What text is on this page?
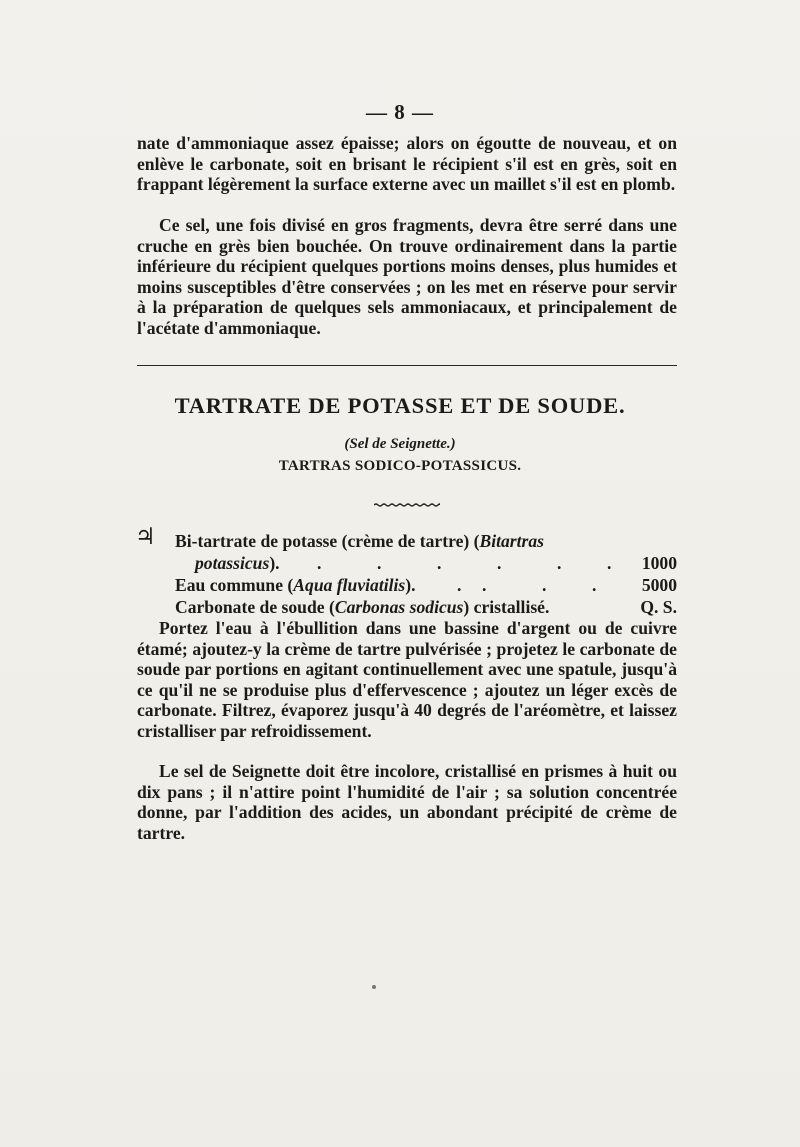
— 8 —

nate d'ammoniaque assez épaisse; alors on égoutte de nouveau, et on enlève le carbonate, soit en brisant le récipient s'il est en grès, soit en frappant légèrement la surface externe avec un maillet s'il est en plomb.

Ce sel, une fois divisé en gros fragments, devra être serré dans une cruche en grès bien bouchée. On trouve ordinairement dans la partie inférieure du récipient quelques portions moins denses, plus humides et moins susceptibles d'être conservées ; on les met en réserve pour servir à la préparation de quelques sels ammoniacaux, et principalement de l'acétate d'ammoniaque.

TARTRATE DE POTASSE ET DE SOUDE.
(Sel de Seignette.)
TARTRAS SODICO-POTASSICUS.
♃ Bi-tartrate de potasse (crème de tartre) (Bitartras
potassicus). .	.	.	.	.	. 1000
Eau commune (Aqua fluviatilis). . .	.	.	5000
Carbonate de soude (Carbonas sodicus) cristallisé.	Q. S.

Portez l'eau à l'ébullition dans une bassine d'argent ou de cuivre étamé; ajoutez-y la crème de tartre pulvérisée ; projetez le carbonate de soude par portions en agitant continuellement avec une spatule, jusqu'à ce qu'il ne se produise plus d'effervescence ; ajoutez un léger excès de carbonate. Filtrez, évaporez jusqu'à 40 degrés de l'aréomètre, et laissez cristalliser par refroidissement.

Le sel de Seignette doit être incolore, cristallisé en prismes à huit ou dix pans ; il n'attire point l'humidité de l'air ; sa solution concentrée donne, par l'addition des acides, un abondant précipité de crème de tartre.
